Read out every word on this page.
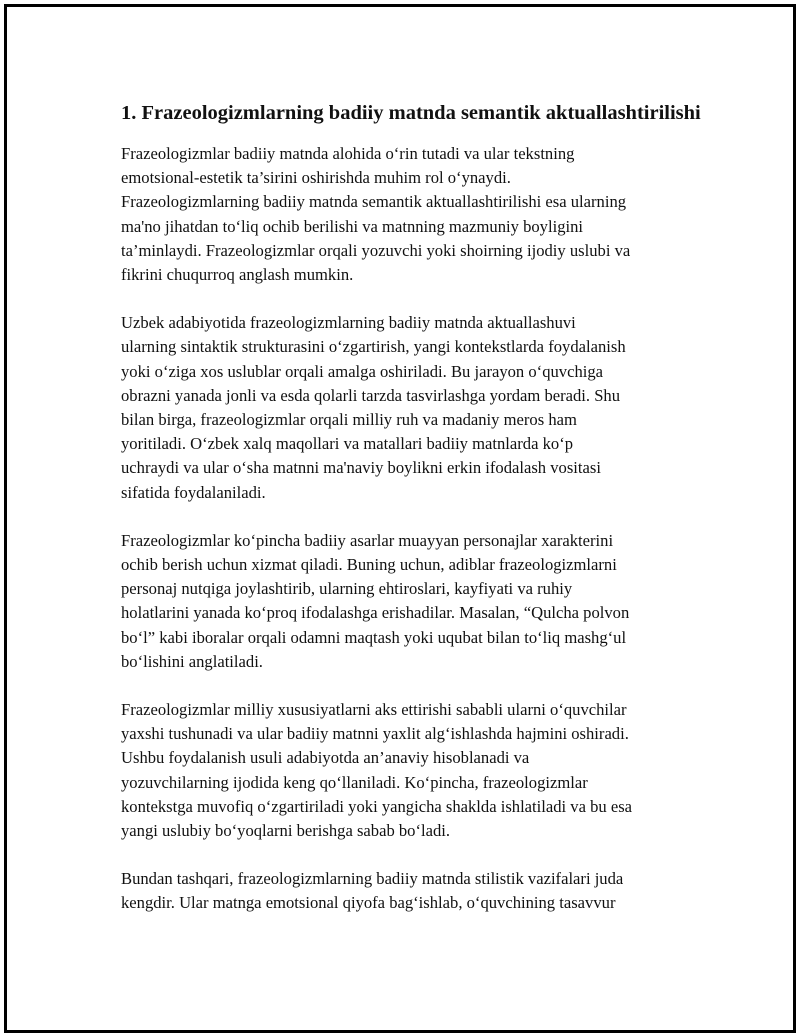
1. Frazeologizmlarning badiiy matnda semantik aktuallashtirilishi

Frazeologizmlar badiiy matnda alohida o‘rin tutadi va ular tekstning
emotsional-estetik ta’sirini oshirishda muhim rol o‘ynaydi.
Frazeologizmlarning badiiy matnda semantik aktuallashtirilishi esa ularning
ma'no jihatdan to‘liq ochib berilishi va matnning mazmuniy boyligini
ta’minlaydi. Frazeologizmlar orqali yozuvchi yoki shoirning ijodiy uslubi va
fikrini chuqurroq anglash mumkin.

Uzbek adabiyotida frazeologizmlarning badiiy matnda aktuallashuvi
ularning sintaktik strukturasini o‘zgartirish, yangi kontekstlarda foydalanish
yoki o‘ziga xos uslublar orqali amalga oshiriladi. Bu jarayon o‘quvchiga
obrazni yanada jonli va esda qolarli tarzda tasvirlashga yordam beradi. Shu
bilan birga, frazeologizmlar orqali milliy ruh va madaniy meros ham
yoritiladi. O‘zbek xalq maqollari va matallari badiiy matnlarda ko‘p
uchraydi va ular o‘sha matnni ma'naviy boylikni erkin ifodalash vositasi
sifatida foydalaniladi.

Frazeologizmlar ko‘pincha badiiy asarlar muayyan personajlar xarakterini
ochib berish uchun xizmat qiladi. Buning uchun, adiblar frazeologizmlarni
personaj nutqiga joylashtirib, ularning ehtiroslari, kayfiyati va ruhiy
holatlarini yanada ko‘proq ifodalashga erishadilar. Masalan, “Qulcha polvon
bo‘l” kabi iboralar orqali odamni maqtash yoki uqubat bilan to‘liq mashg‘ul
bo‘lishini anglatiladi.

Frazeologizmlar milliy xususiyatlarni aks ettirishi sababli ularni o‘quvchilar
yaxshi tushunadi va ular badiiy matnni yaxlit alg‘ishlashda hajmini oshiradi.
Ushbu foydalanish usuli adabiyotda an’anaviy hisoblanadi va
yozuvchilarning ijodida keng qo‘llaniladi. Ko‘pincha, frazeologizmlar
kontekstga muvofiq o‘zgartiriladi yoki yangicha shaklda ishlatiladi va bu esa
yangi uslubiy bo‘yoqlarni berishga sabab bo‘ladi.

Bundan tashqari, frazeologizmlarning badiiy matnda stilistik vazifalari juda
kengdir. Ular matnga emotsional qiyofa bag‘ishlab, o‘quvchining tasavvur
